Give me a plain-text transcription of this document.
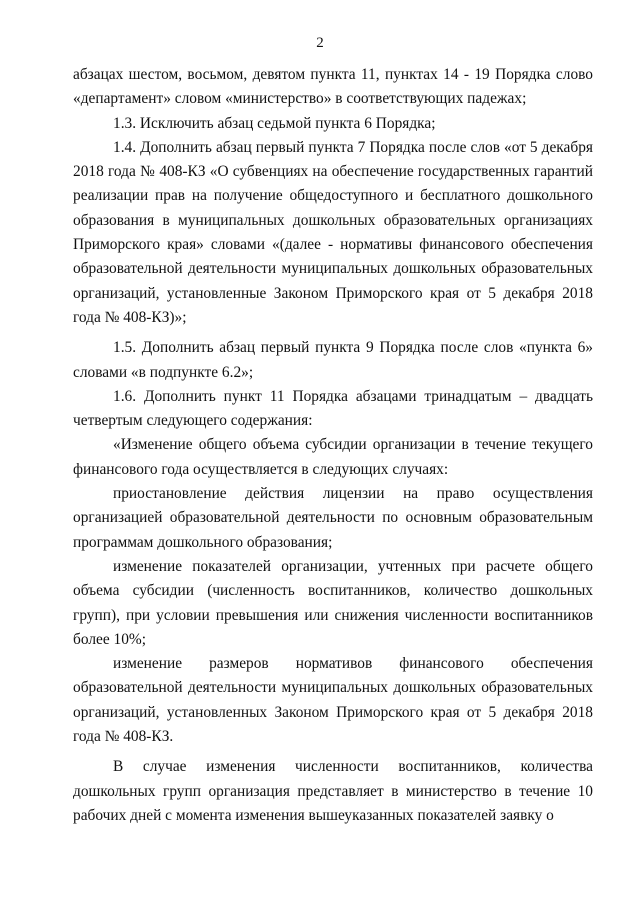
2

абзацах шестом, восьмом, девятом пункта 11, пунктах 14 - 19 Порядка слово «департамент» словом «министерство» в соответствующих падежах;

1.3. Исключить абзац седьмой пункта 6 Порядка;

1.4. Дополнить абзац первый пункта 7 Порядка после слов «от 5 декабря 2018 года № 408-КЗ «О субвенциях на обеспечение государственных гарантий реализации прав на получение общедоступного и бесплатного дошкольного образования в муниципальных дошкольных образовательных организациях Приморского края» словами «(далее - нормативы финансового обеспечения образовательной деятельности муниципальных дошкольных образовательных организаций, установленные Законом Приморского края от 5 декабря 2018 года № 408-КЗ)»;

1.5. Дополнить абзац первый пункта 9 Порядка после слов «пункта 6» словами «в подпункте 6.2»;

1.6. Дополнить пункт 11 Порядка абзацами тринадцатым – двадцать четвертым следующего содержания:

«Изменение общего объема субсидии организации в течение текущего финансового года осуществляется в следующих случаях:

приостановление действия лицензии на право осуществления организацией образовательной деятельности по основным образовательным программам дошкольного образования;

изменение показателей организации, учтенных при расчете общего объема субсидии (численность воспитанников, количество дошкольных групп), при условии превышения или снижения численности воспитанников более 10%;

изменение размеров нормативов финансового обеспечения образовательной деятельности муниципальных дошкольных образовательных организаций, установленных Законом Приморского края от 5 декабря 2018 года № 408-КЗ.

В случае изменения численности воспитанников, количества дошкольных групп организация представляет в министерство в течение 10 рабочих дней с момента изменения вышеуказанных показателей заявку о
